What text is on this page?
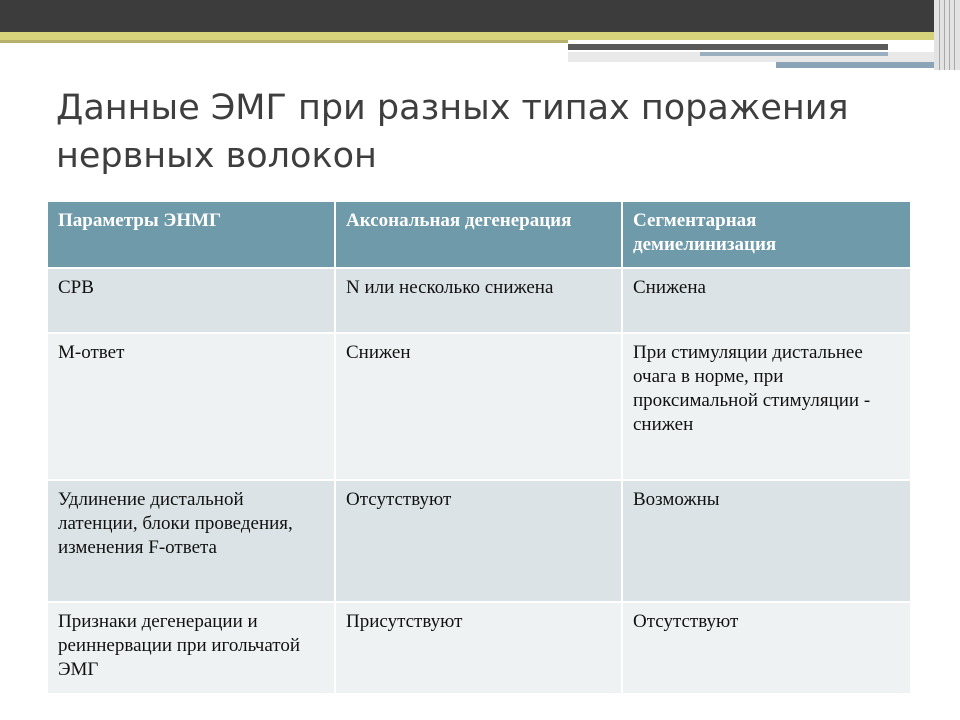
Данные ЭМГ при разных типах поражения нервных волокон
Параметры ЭНМГ	Аксональная дегенерация	Сегментарная демиелинизация
СРВ	N или несколько снижена	Снижена
М-ответ	Снижен	При стимуляции дистальнее очага в норме, при проксимальной стимуляции - снижен
Удлинение дистальной латенции, блоки проведения, изменения F-ответа	Отсутствуют	Возможны
Признаки дегенерации и реиннервации при игольчатой ЭМГ	Присутствуют	Отсутствуют
